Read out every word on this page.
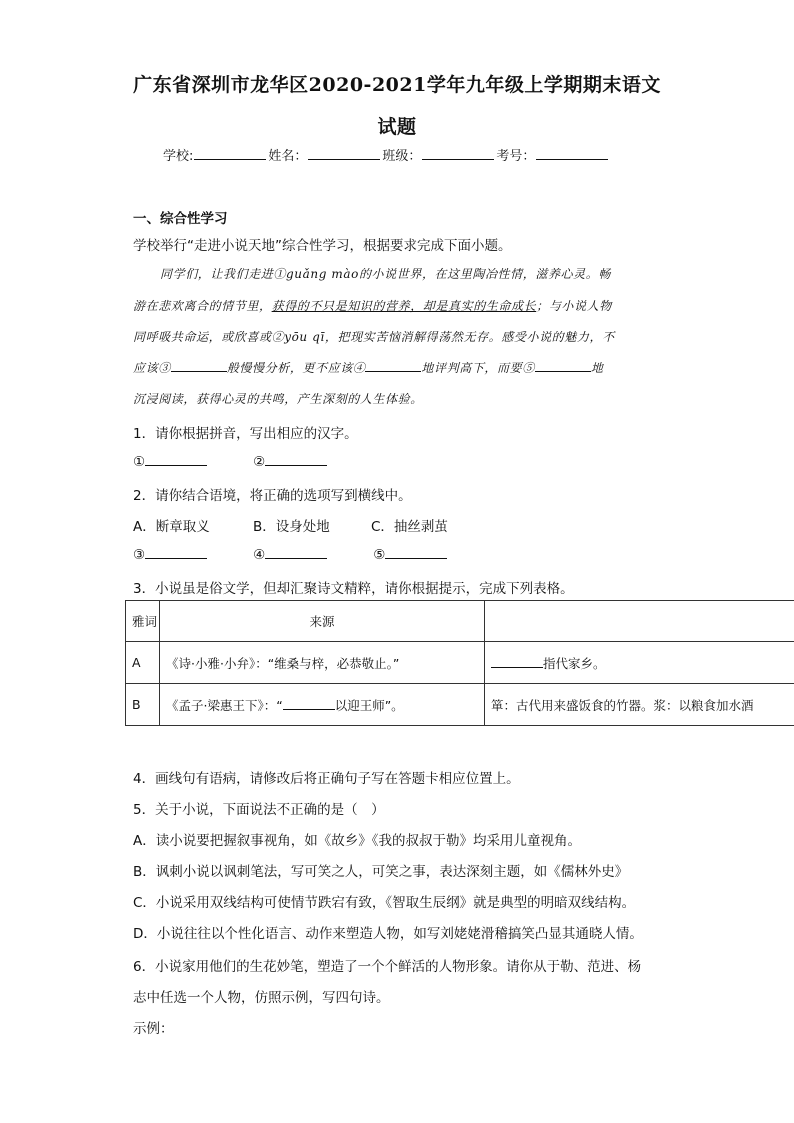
广东省深圳市龙华区2020-2021学年九年级上学期期末语文
试题
学校:	姓名：	班级：	考号：
一、综合性学习
学校举行“走进小说天地”综合性学习，根据要求完成下面小题。
同学们，让我们走进①guǎng mào的小说世界，在这里陶冶性情，滋养心灵。畅
游在悲欢离合的情节里，获得的不只是知识的营养，却是真实的生命成长；与小说人物
同呼吸共命运，或欣喜或②yōu qī，把现实苦恼消解得荡然无存。感受小说的魅力，不
应该③	般慢慢分析，更不应该④	地评判高下，而要⑤	地
沉浸阅读，获得心灵的共鸣，产生深刻的人生体验。
1．请你根据拼音，写出相应的汉字。
①	②
2．请你结合语境，将正确的选项写到横线中。
A．断章取义	B．设身处地	C．抽丝剥茧
③	④	⑤
3．小说虽是俗文学，但却汇聚诗文精粹，请你根据提示，完成下列表格。
雅词	来源	
A	《诗·小雅·小弁》：“维桑与梓，必恭敬止。”	指代家乡。
B	《孟子·梁惠王下》：“ 以迎王师”。	箪：古代用来盛饭食的竹器。浆：以粮食加水酒
4．画线句有语病，请修改后将正确句子写在答题卡相应位置上。
5．关于小说，下面说法不正确的是（　）
A．读小说要把握叙事视角，如《故乡》《我的叔叔于勒》均采用儿童视角。
B．讽刺小说以讽刺笔法，写可笑之人，可笑之事，表达深刻主题，如《儒林外史》
C．小说采用双线结构可使情节跌宕有致，《智取生辰纲》就是典型的明暗双线结构。
D．小说往往以个性化语言、动作来塑造人物，如写刘姥姥滑稽搞笑凸显其通晓人情。
6．小说家用他们的生花妙笔，塑造了一个个鲜活的人物形象。请你从于勒、范进、杨
志中任选一个人物，仿照示例，写四句诗。
示例：
